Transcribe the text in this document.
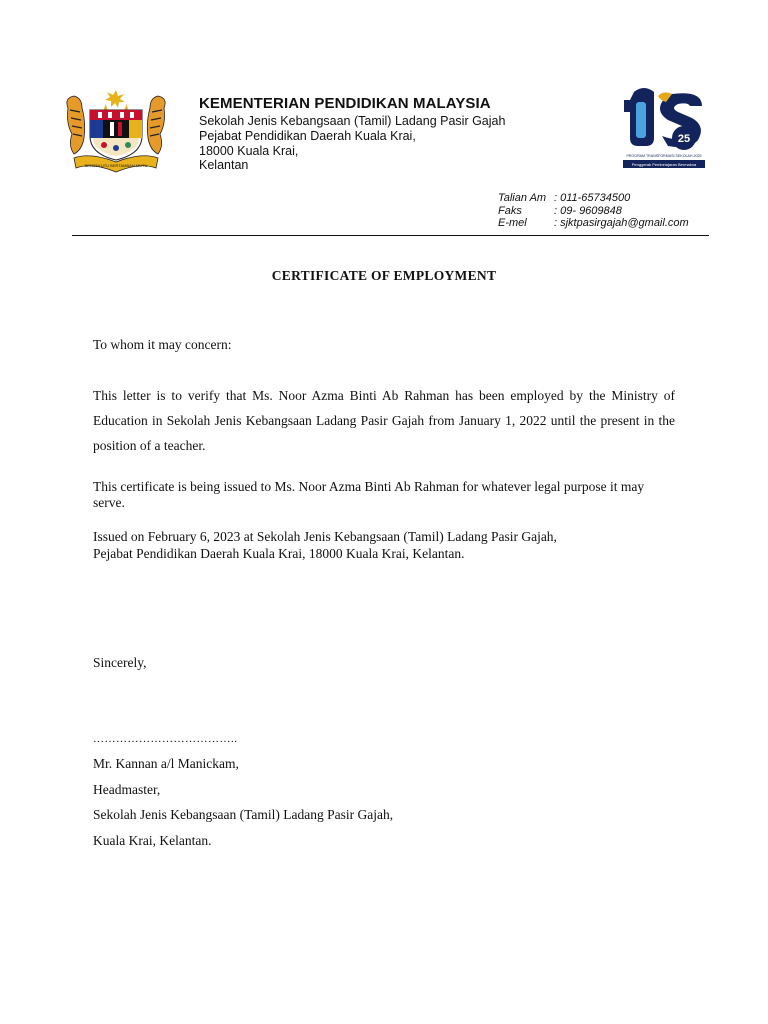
BERSEKUTU BERTAMBAH MUTU
25
PROGRAM TRANSFORMASI SEKOLAH 2025
Penggerak Pembelajaran Bermakna
KEMENTERIAN PENDIDIKAN MALAYSIA
Sekolah Jenis Kebangsaan (Tamil) Ladang Pasir Gajah
Pejabat Pendidikan Daerah Kuala Krai,
18000 Kuala Krai,
Kelantan
Talian Am : 011-65734500
Faks	: 09- 9609848
E-mel : sjktpasirgajah@gmail.com
CERTIFICATE OF EMPLOYMENT
To whom it may concern:
This letter is to verify that Ms. Noor Azma Binti Ab Rahman has been employed by the Ministry of Education in Sekolah Jenis Kebangsaan Ladang Pasir Gajah from January 1, 2022 until the present in the position of a teacher.
This certificate is being issued to Ms. Noor Azma Binti Ab Rahman for whatever legal purpose it may serve.
Issued on February 6, 2023 at Sekolah Jenis Kebangsaan (Tamil) Ladang Pasir Gajah,
Pejabat Pendidikan Daerah Kuala Krai, 18000 Kuala Krai, Kelantan.
Sincerely,
………………………………..
Mr. Kannan a/l Manickam,
Headmaster,
Sekolah Jenis Kebangsaan (Tamil) Ladang Pasir Gajah,
Kuala Krai, Kelantan.
